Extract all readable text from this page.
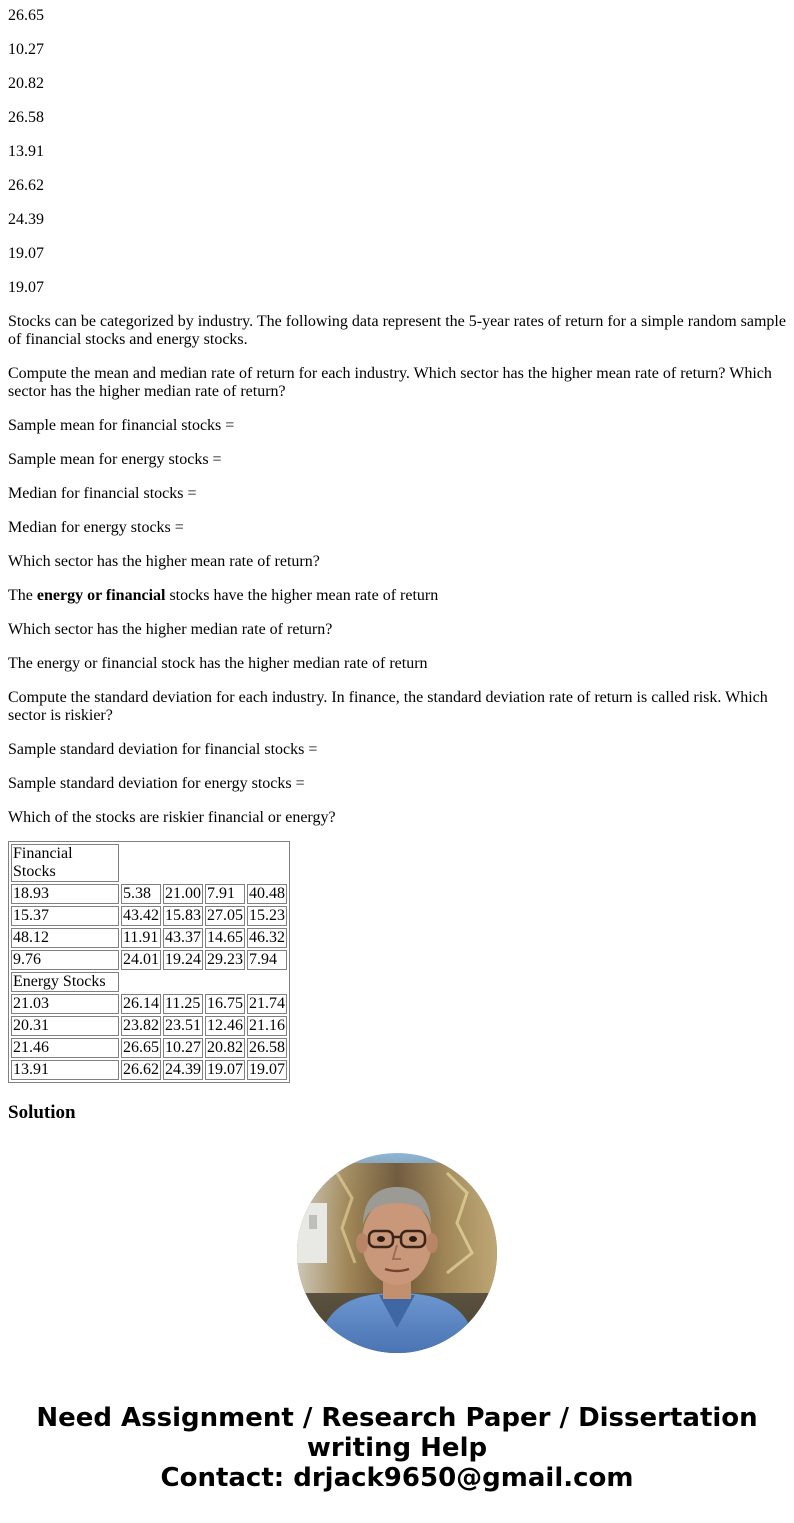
26.65

10.27

20.82

26.58

13.91

26.62

24.39

19.07

19.07

Stocks can be categorized by industry. The following data represent the 5-year rates of return for a simple random sample of financial stocks and energy stocks.

Compute the mean and median rate of return for each industry. Which sector has the higher mean rate of return? Which sector has the higher median rate of return?

Sample mean for financial stocks =

Sample mean for energy stocks =

Median for financial stocks =

Median for energy stocks =

Which sector has the higher mean rate of return?

The energy or financial stocks have the higher mean rate of return

Which sector has the higher median rate of return?

The energy or financial stock has the higher median rate of return

Compute the standard deviation for each industry. In finance, the standard deviation rate of return is called risk. Which sector is riskier?

Sample standard deviation for financial stocks =

Sample standard deviation for energy stocks =

Which of the stocks are riskier financial or energy?

Financial Stocks				
18.93	5.38	21.00	7.91	40.48
15.37	43.42	15.83	27.05	15.23
48.12	11.91	43.37	14.65	46.32
9.76	24.01	19.24	29.23	7.94
Energy Stocks				
21.03	26.14	11.25	16.75	21.74
20.31	23.82	23.51	12.46	21.16
21.46	26.65	10.27	20.82	26.58
13.91	26.62	24.39	19.07	19.07
Solution
Need Assignment / Research Paper / Dissertation
writing Help
Contact: drjack9650@gmail.com
